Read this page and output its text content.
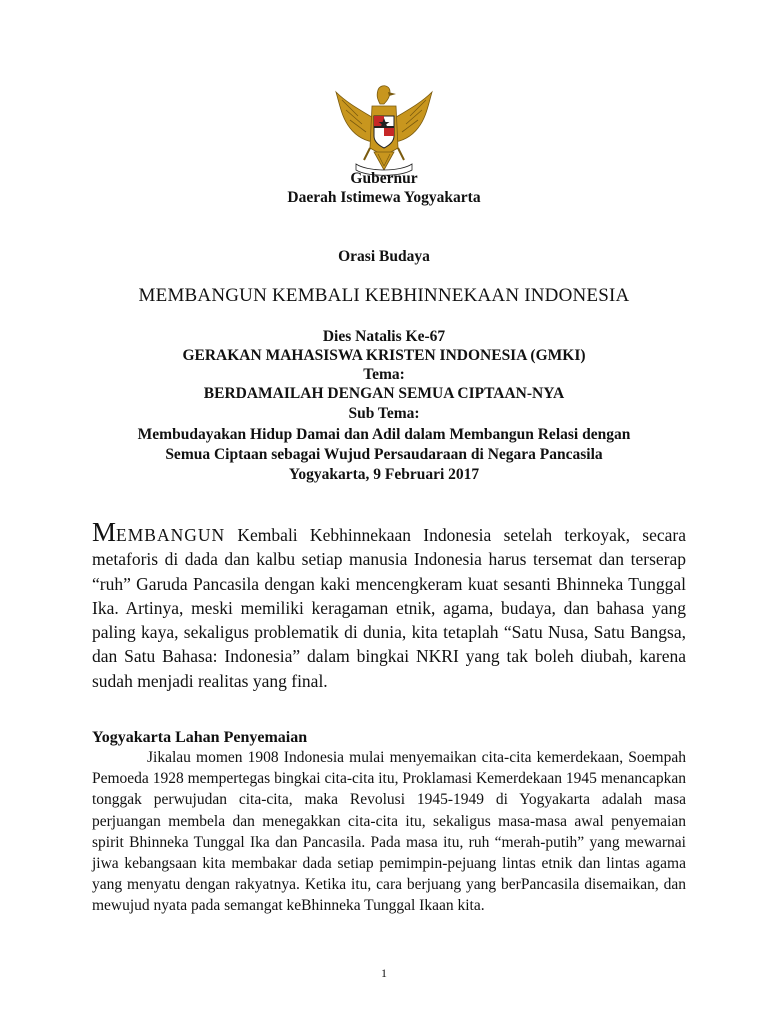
Gubernur
Daerah Istimewa Yogyakarta
Orasi Budaya
MEMBANGUN KEMBALI KEBHINNEKAAN INDONESIA
Dies Natalis Ke-67
GERAKAN MAHASISWA KRISTEN INDONESIA (GMKI)
Tema:
BERDAMAILAH DENGAN SEMUA CIPTAAN-NYA
Sub Tema:
Membudayakan Hidup Damai dan Adil dalam Membangun Relasi dengan
Semua Ciptaan sebagai Wujud Persaudaraan di Negara Pancasila
Yogyakarta, 9 Februari 2017
MEMBANGUN Kembali Kebhinnekaan Indonesia setelah terkoyak, secara metaforis di dada dan kalbu setiap manusia Indonesia harus tersemat dan terserap “ruh” Garuda Pancasila dengan kaki mencengkeram kuat sesanti Bhinneka Tunggal Ika. Artinya, meski memiliki keragaman etnik, agama, budaya, dan bahasa yang paling kaya, sekaligus problematik di dunia, kita tetaplah “Satu Nusa, Satu Bangsa, dan Satu Bahasa: Indonesia” dalam bingkai NKRI yang tak boleh diubah, karena sudah menjadi realitas yang final.
Yogyakarta Lahan Penyemaian
Jikalau momen 1908 Indonesia mulai menyemaikan cita-cita kemerdekaan, Soempah Pemoeda 1928 mempertegas bingkai cita-cita itu, Proklamasi Kemerdekaan 1945 menancapkan tonggak perwujudan cita-cita, maka Revolusi 1945-1949 di Yogyakarta adalah masa perjuangan membela dan menegakkan cita-cita itu, sekaligus masa-masa awal penyemaian spirit Bhinneka Tunggal Ika dan Pancasila. Pada masa itu, ruh “merah-putih” yang mewarnai jiwa kebangsaan kita membakar dada setiap pemimpin-pejuang lintas etnik dan lintas agama yang menyatu dengan rakyatnya. Ketika itu, cara berjuang yang berPancasila disemaikan, dan mewujud nyata pada semangat keBhinneka Tunggal Ikaan kita.
1
